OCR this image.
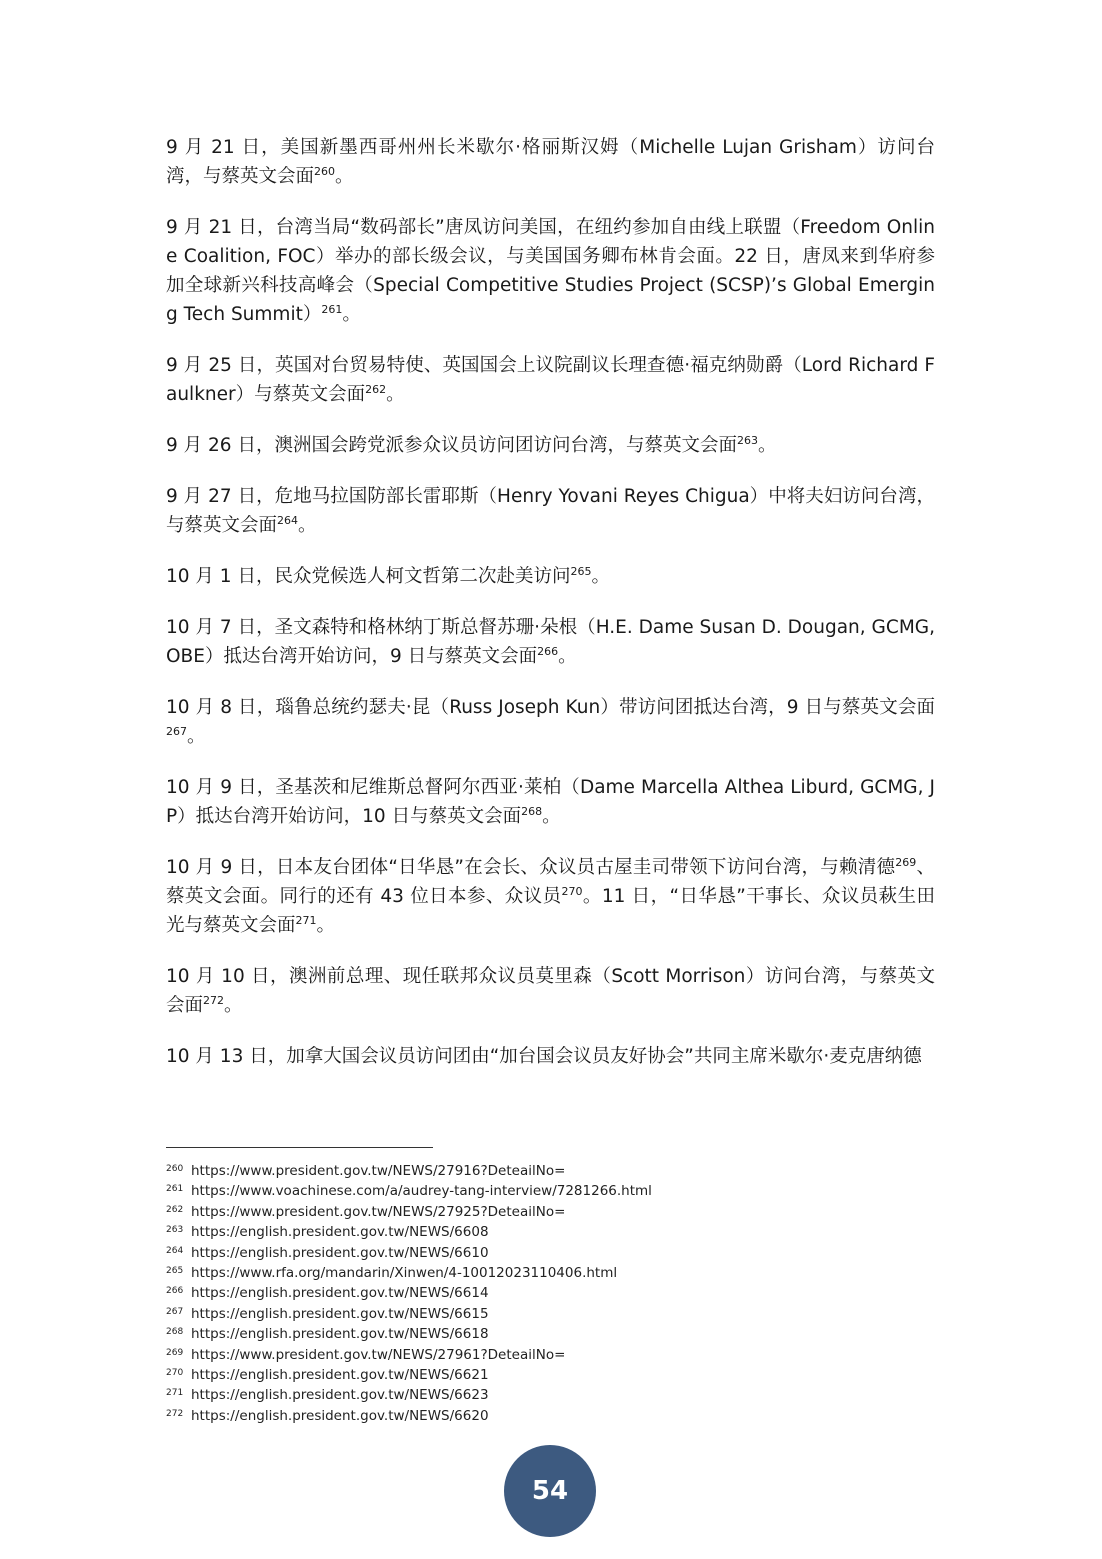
9 月 21 日，美国新墨西哥州州长米歇尔·格丽斯汉姆（Michelle Lujan Grisham）访问台湾，与蔡英文会面$^{260}$。

9 月 21 日，台湾当局“数码部长”唐凤访问美国，在纽约参加自由线上联盟（Freedom Online Coalition, FOC）举办的部长级会议，与美国国务卿布林肯会面。22 日，唐凤来到华府参加全球新兴科技高峰会（Special Competitive Studies Project (SCSP)’s Global Emerging Tech Summit）$^{261}$。

9 月 25 日，英国对台贸易特使、英国国会上议院副议长理查德·福克纳勋爵（Lord Richard Faulkner）与蔡英文会面$^{262}$。

9 月 26 日，澳洲国会跨党派参众议员访问团访问台湾，与蔡英文会面$^{263}$。

9 月 27 日，危地马拉国防部长雷耶斯（Henry Yovani Reyes Chigua）中将夫妇访问台湾，与蔡英文会面$^{264}$。

10 月 1 日，民众党候选人柯文哲第二次赴美访问$^{265}$。

10 月 7 日，圣文森特和格林纳丁斯总督苏珊·朵根（H.E. Dame Susan D. Dougan, GCMG, OBE）抵达台湾开始访问，9 日与蔡英文会面$^{266}$。

10 月 8 日，瑙鲁总统约瑟夫·昆（Russ Joseph Kun）带访问团抵达台湾，9 日与蔡英文会面$^{267}$。

10 月 9 日，圣基茨和尼维斯总督阿尔西亚·莱柏（Dame Marcella Althea Liburd, GCMG, JP）抵达台湾开始访问，10 日与蔡英文会面$^{268}$。

10 月 9 日，日本友台团体“日华恳”在会长、众议员古屋圭司带领下访问台湾，与赖清德$^{269}$、蔡英文会面。同行的还有 43 位日本参、众议员$^{270}$。11 日，“日华恳”干事长、众议员萩生田光与蔡英文会面$^{271}$。

10 月 10 日，澳洲前总理、现任联邦众议员莫里森（Scott Morrison）访问台湾，与蔡英文会面$^{272}$。

10 月 13 日，加拿大国会议员访问团由“加台国会议员友好协会”共同主席米歇尔·麦克唐纳德

260 https://www.president.gov.tw/NEWS/27916?DeteailNo=
261 https://www.voachinese.com/a/audrey-tang-interview/7281266.html
262 https://www.president.gov.tw/NEWS/27925?DeteailNo=
263 https://english.president.gov.tw/NEWS/6608
264 https://english.president.gov.tw/NEWS/6610
265 https://www.rfa.org/mandarin/Xinwen/4-10012023110406.html
266 https://english.president.gov.tw/NEWS/6614
267 https://english.president.gov.tw/NEWS/6615
268 https://english.president.gov.tw/NEWS/6618
269 https://www.president.gov.tw/NEWS/27961?DeteailNo=
270 https://english.president.gov.tw/NEWS/6621
271 https://english.president.gov.tw/NEWS/6623
272 https://english.president.gov.tw/NEWS/6620
54
